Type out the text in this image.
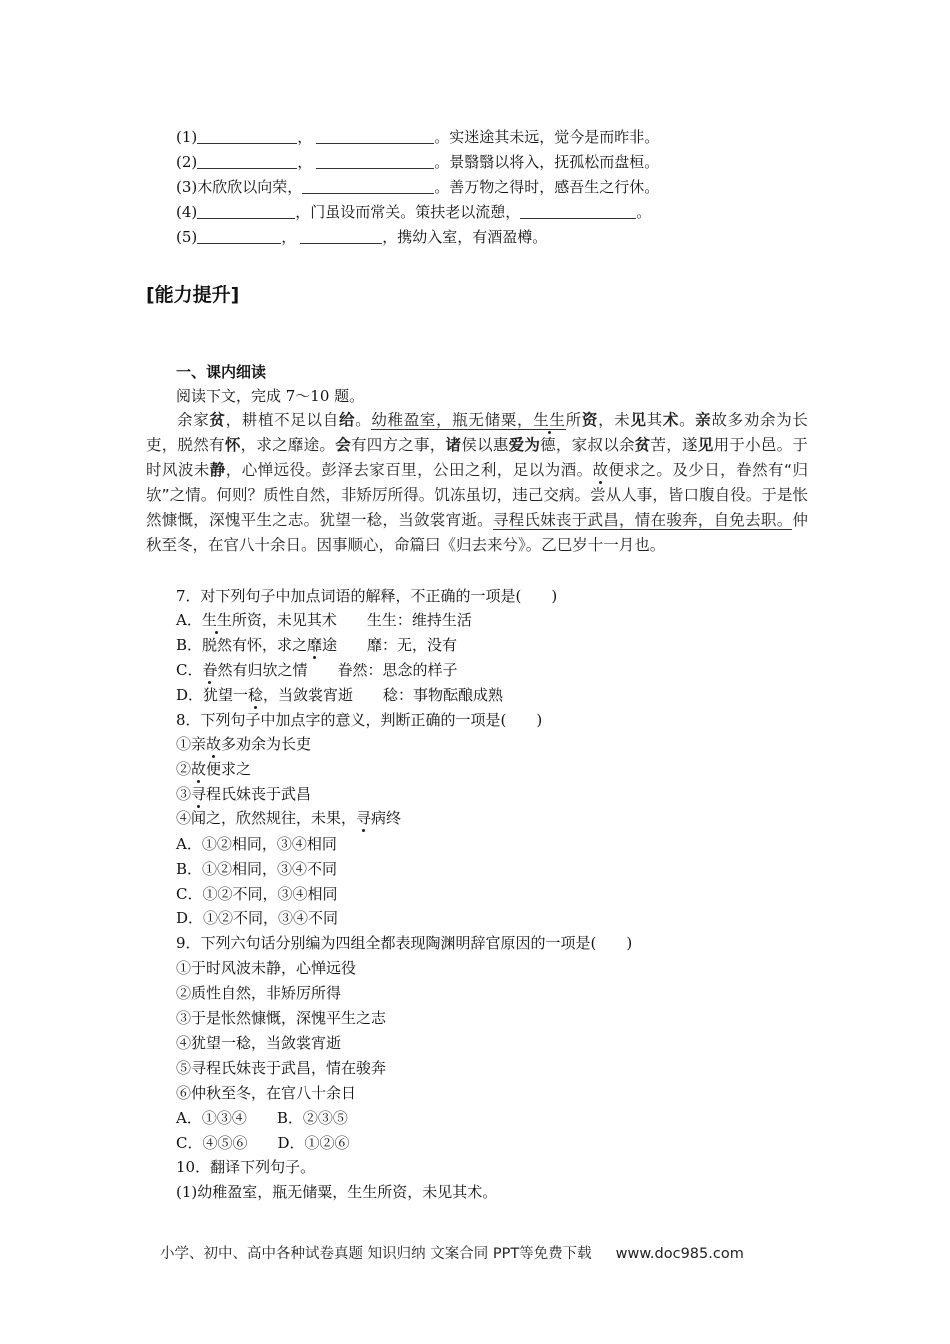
(1)	，	。实迷途其未远，觉今是而昨非。
(2)	，	。景翳翳以将入，抚孤松而盘桓。
(3)木欣欣以向荣，	。善万物之得时，感吾生之行休。
(4)	，门虽设而常关。策扶老以流憩，	。
(5)	，	，携幼入室，有酒盈樽。
[能力提升]
一、课内细读
阅读下文，完成 7～10 题。

余家贫，耕植不足以自给。幼稚盈室，瓶无储粟，生生所资，未见其术。亲故多劝余为长吏，脱然有怀，求之靡途。会有四方之事，诸侯以惠爱为德，家叔以余贫苦，遂见用于小邑。于时风波未静，心惮远役。彭泽去家百里，公田之利，足以为酒。故便求之。及少日，眷然有“归欤”之情。何则？质性自然，非矫厉所得。饥冻虽切，违己交病。尝从人事，皆口腹自役。于是怅然慷慨，深愧平生之志。犹望一稔，当敛裳宵逝。寻程氏妹丧于武昌，情在骏奔，自免去职。仲秋至冬，在官八十余日。因事顺心，命篇曰《归去来兮》。乙巳岁十一月也。

7．对下列句子中加点词语的解释，不正确的一项是(　　)
A．生生所资，未见其术　　生生：维持生活
B．脱然有怀，求之靡途　　靡：无，没有
C．眷然有归欤之情　　眷然：思念的样子
D．犹望一稔，当敛裳宵逝　　稔：事物酝酿成熟
8．下列句子中加点字的意义，判断正确的一项是(　　)
①亲故多劝余为长吏
②故便求之
③寻程氏妹丧于武昌
④闻之，欣然规往，未果，寻病终
A．①②相同，③④相同
B．①②相同，③④不同
C．①②不同，③④相同
D．①②不同，③④不同
9．下列六句话分别编为四组全都表现陶渊明辞官原因的一项是(　　)
①于时风波未静，心惮远役
②质性自然，非矫厉所得
③于是怅然慷慨，深愧平生之志
④犹望一稔，当敛裳宵逝
⑤寻程氏妹丧于武昌，情在骏奔
⑥仲秋至冬，在官八十余日
A．①③④　　B．②③⑤
C．④⑤⑥　　D．①②⑥
10．翻译下列句子。
(1)幼稚盈室，瓶无储粟，生生所资，未见其术。
小学、初中、高中各种试卷真题 知识归纳 文案合同 PPT等免费下载 www.doc985.com
